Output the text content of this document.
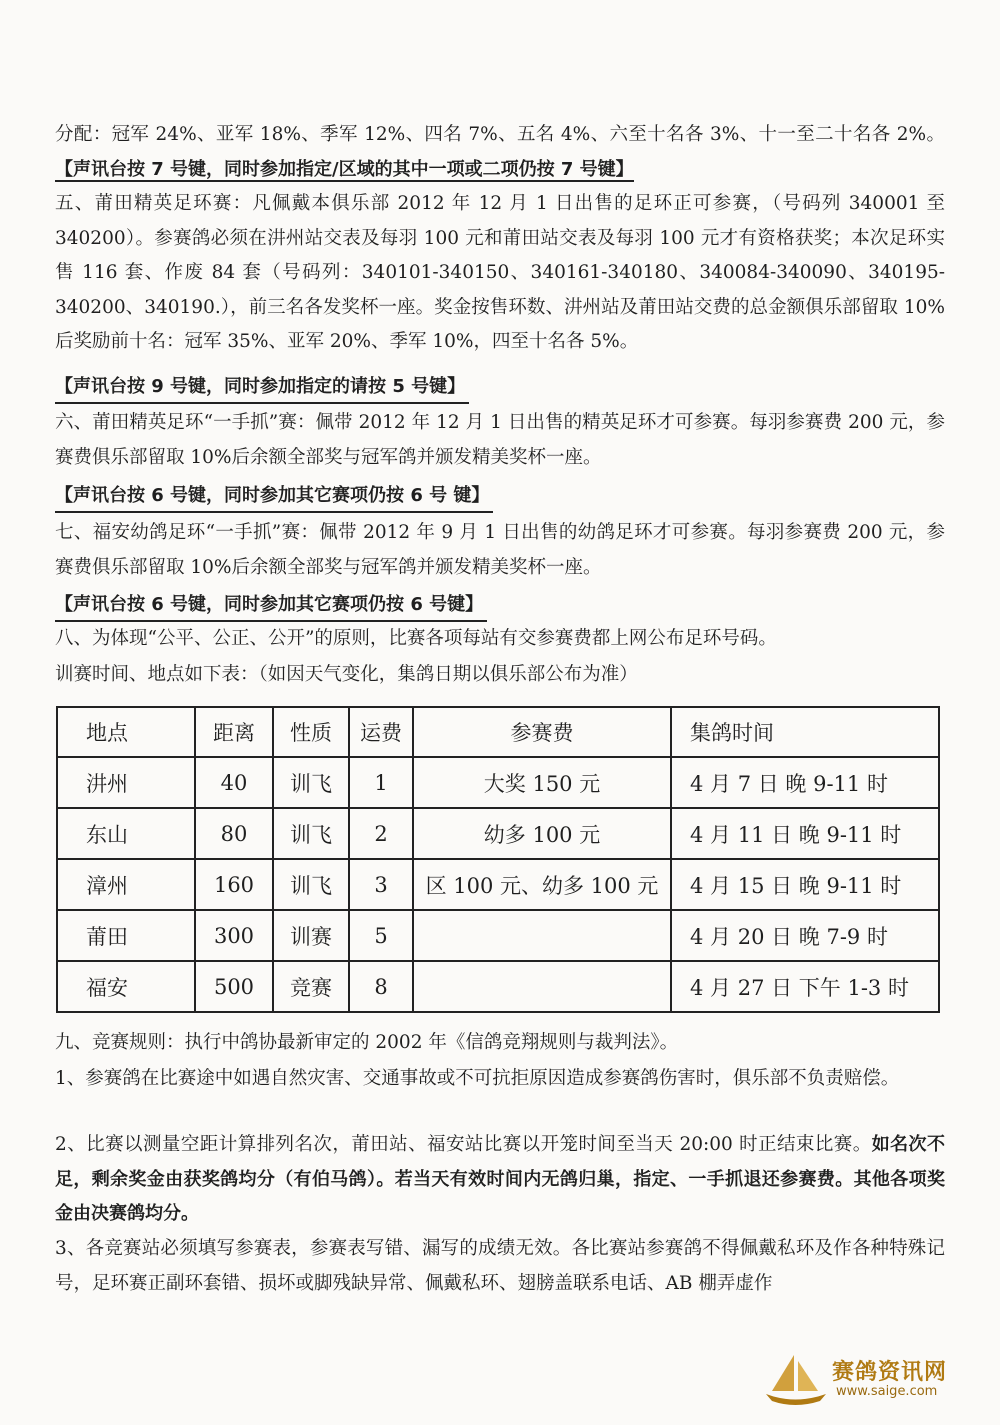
分配：冠军 24%、亚军 18%、季军 12%、四名 7%、五名 4%、六至十名各 3%、十一至二十名各 2%。【声讯台按 7 号键，同时参加指定/区域的其中一项或二项仍按 7 号键】

五、莆田精英足环赛：凡佩戴本俱乐部 2012 年 12 月 1 日出售的足环正可参赛，（号码列 340001 至 340200）。参赛鸽必须在汫州站交表及每羽 100 元和莆田站交表及每羽 100 元才有资格获奖；本次足环实售 116 套、作废 84 套（号码列：340101-340150、340161-340180、340084-340090、340195-340200、340190.），前三名各发奖杯一座。奖金按售环数、汫州站及莆田站交费的总金额俱乐部留取 10%后奖励前十名：冠军 35%、亚军 20%、季军 10%，四至十名各 5%。

【声讯台按 9 号键，同时参加指定的请按 5 号键】

六、莆田精英足环“一手抓”赛：佩带 2012 年 12 月 1 日出售的精英足环才可参赛。每羽参赛费 200 元，参赛费俱乐部留取 10%后余额全部奖与冠军鸽并颁发精美奖杯一座。

【声讯台按 6 号键，同时参加其它赛项仍按 6 号 键】

七、福安幼鸽足环“一手抓”赛：佩带 2012 年 9 月 1 日出售的幼鸽足环才可参赛。每羽参赛费 200 元，参赛费俱乐部留取 10%后余额全部奖与冠军鸽并颁发精美奖杯一座。

【声讯台按 6 号键，同时参加其它赛项仍按 6 号键】

八、为体现“公平、公正、公开”的原则，比赛各项每站有交参赛费都上网公布足环号码。

训赛时间、地点如下表：（如因天气变化，集鸽日期以俱乐部公布为准）

地点	距离	性质	运费	参赛费	集鸽时间
汫州	40	训飞	1	大奖 150 元	4 月 7 日 晚 9-11 时
东山	80	训飞	2	幼多 100 元	4 月 11 日 晚 9-11 时
漳州	160	训飞	3	区 100 元、幼多 100 元	4 月 15 日 晚 9-11 时
莆田	300	训赛	5		4 月 20 日 晚 7-9 时
福安	500	竞赛	8		4 月 27 日 下午 1-3 时

九、竞赛规则：执行中鸽协最新审定的 2002 年《信鸽竞翔规则与裁判法》。

1、参赛鸽在比赛途中如遇自然灾害、交通事故或不可抗拒原因造成参赛鸽伤害时，俱乐部不负责赔偿。

2、比赛以测量空距计算排列名次，莆田站、福安站比赛以开笼时间至当天 20:00 时正结束比赛。如名次不足，剩余奖金由获奖鸽均分（有伯马鸽）。若当天有效时间内无鸽归巢，指定、一手抓退还参赛费。其他各项奖金由决赛鸽均分。

3、各竞赛站必须填写参赛表，参赛表写错、漏写的成绩无效。各比赛站参赛鸽不得佩戴私环及作各种特殊记号，足环赛正副环套错、损坏或脚残缺异常、佩戴私环、翅膀盖联系电话、AB 棚弄虚作

赛鸽资讯网
www.saige.com
